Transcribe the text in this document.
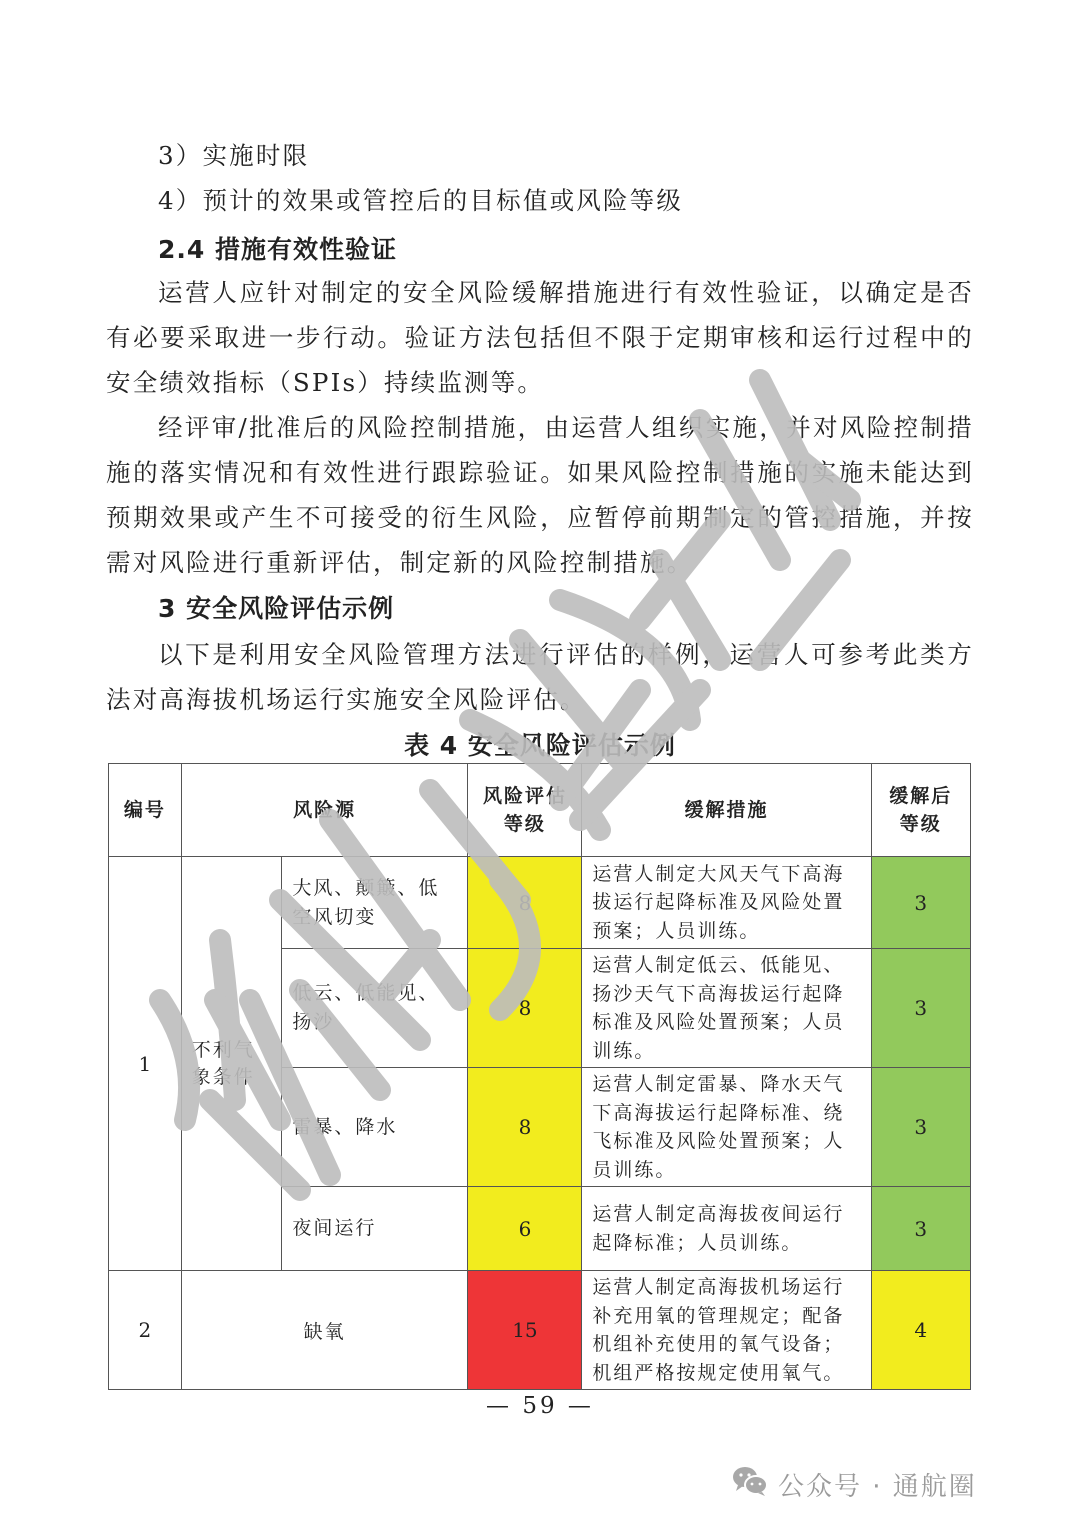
3）实施时限
4）预计的效果或管控后的目标值或风险等级
2.4 措施有效性验证
运营人应针对制定的安全风险缓解措施进行有效性验证，以确定是否有必要采取进一步行动。验证方法包括但不限于定期审核和运行过程中的安全绩效指标（SPIs）持续监测等。
经评审/批准后的风险控制措施，由运营人组织实施，并对风险控制措施的落实情况和有效性进行跟踪验证。如果风险控制措施的实施未能达到预期效果或产生不可接受的衍生风险，应暂停前期制定的管控措施，并按需对风险进行重新评估，制定新的风险控制措施。
3 安全风险评估示例
以下是利用安全风险管理方法进行评估的样例，运营人可参考此类方法对高海拔机场运行实施安全风险评估。
表 4 安全风险评估示例
编号	风险源		风险评估等级	缓解措施	缓解后等级

1	不利气象条件	大风、颠簸、低空风切变	8	运营人制定大风天气下高海拔运行起降标准及风险处置预案；人员训练。	3
		低云、低能见、扬沙	8	运营人制定低云、低能见、扬沙天气下高海拔运行起降标准及风险处置预案；人员训练。	3
		雷暴、降水	8	运营人制定雷暴、降水天气下高海拔运行起降标准、绕飞标准及风险处置预案；人员训练。	3
		夜间运行	6	运营人制定高海拔夜间运行起降标准；人员训练。	3
2	缺氧		15	运营人制定高海拔机场运行补充用氧的管理规定；配备机组补充使用的氧气设备；机组严格按规定使用氧气。	4
— 59 —
公众号 · 通航圈
